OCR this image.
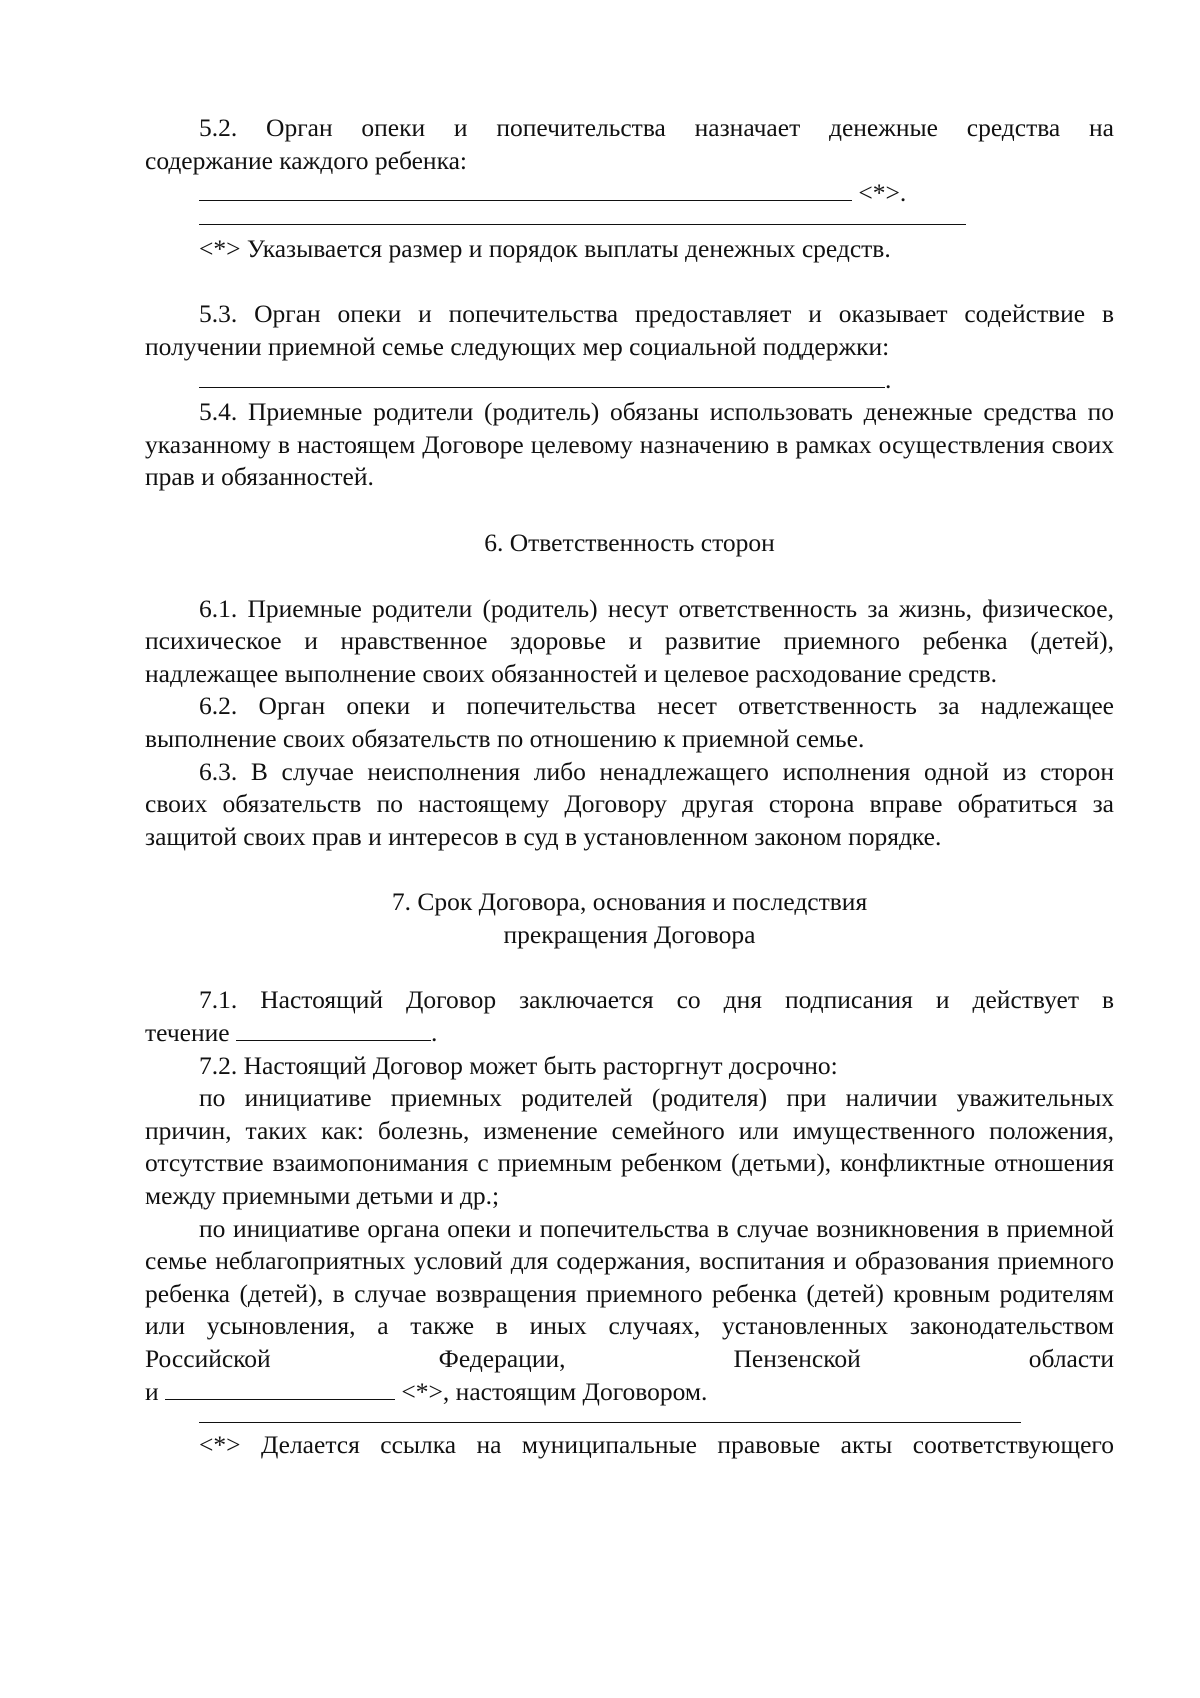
5.2. Орган опеки и попечительства назначает денежные средства на

содержание каждого ребенка:

<*>.

<*> Указывается размер и порядок выплаты денежных средств.

5.3. Орган опеки и попечительства предоставляет и оказывает содействие в

получении приемной семье следующих мер социальной поддержки:

.

5.4. Приемные родители (родитель) обязаны использовать денежные средства по указанному в настоящем Договоре целевому назначению в рамках осуществления своих прав и обязанностей.

6. Ответственность сторон

6.1. Приемные родители (родитель) несут ответственность за жизнь, физическое, психическое и нравственное здоровье и развитие приемного ребенка (детей), надлежащее выполнение своих обязанностей и целевое расходование средств.

6.2. Орган опеки и попечительства несет ответственность за надлежащее выполнение своих обязательств по отношению к приемной семье.

6.3. В случае неисполнения либо ненадлежащего исполнения одной из сторон своих обязательств по настоящему Договору другая сторона вправе обратиться за защитой своих прав и интересов в суд в установленном законом порядке.

7. Срок Договора, основания и последствия

прекращения Договора

7.1. Настоящий Договор заключается со дня подписания и действует в

течение	.

7.2. Настоящий Договор может быть расторгнут досрочно:

по инициативе приемных родителей (родителя) при наличии уважительных причин, таких как: болезнь, изменение семейного или имущественного положения, отсутствие взаимопонимания с приемным ребенком (детьми), конфликтные отношения между приемными детьми и др.;

по инициативе органа опеки и попечительства в случае возникновения в приемной семье неблагоприятных условий для содержания, воспитания и образования приемного ребенка (детей), в случае возвращения приемного ребенка (детей) кровным родителям или усыновления, а также в иных случаях, установленных законодательством Российской Федерации, Пензенской области

и	<*>, настоящим Договором.

<*> Делается ссылка на муниципальные правовые акты соответствующего
